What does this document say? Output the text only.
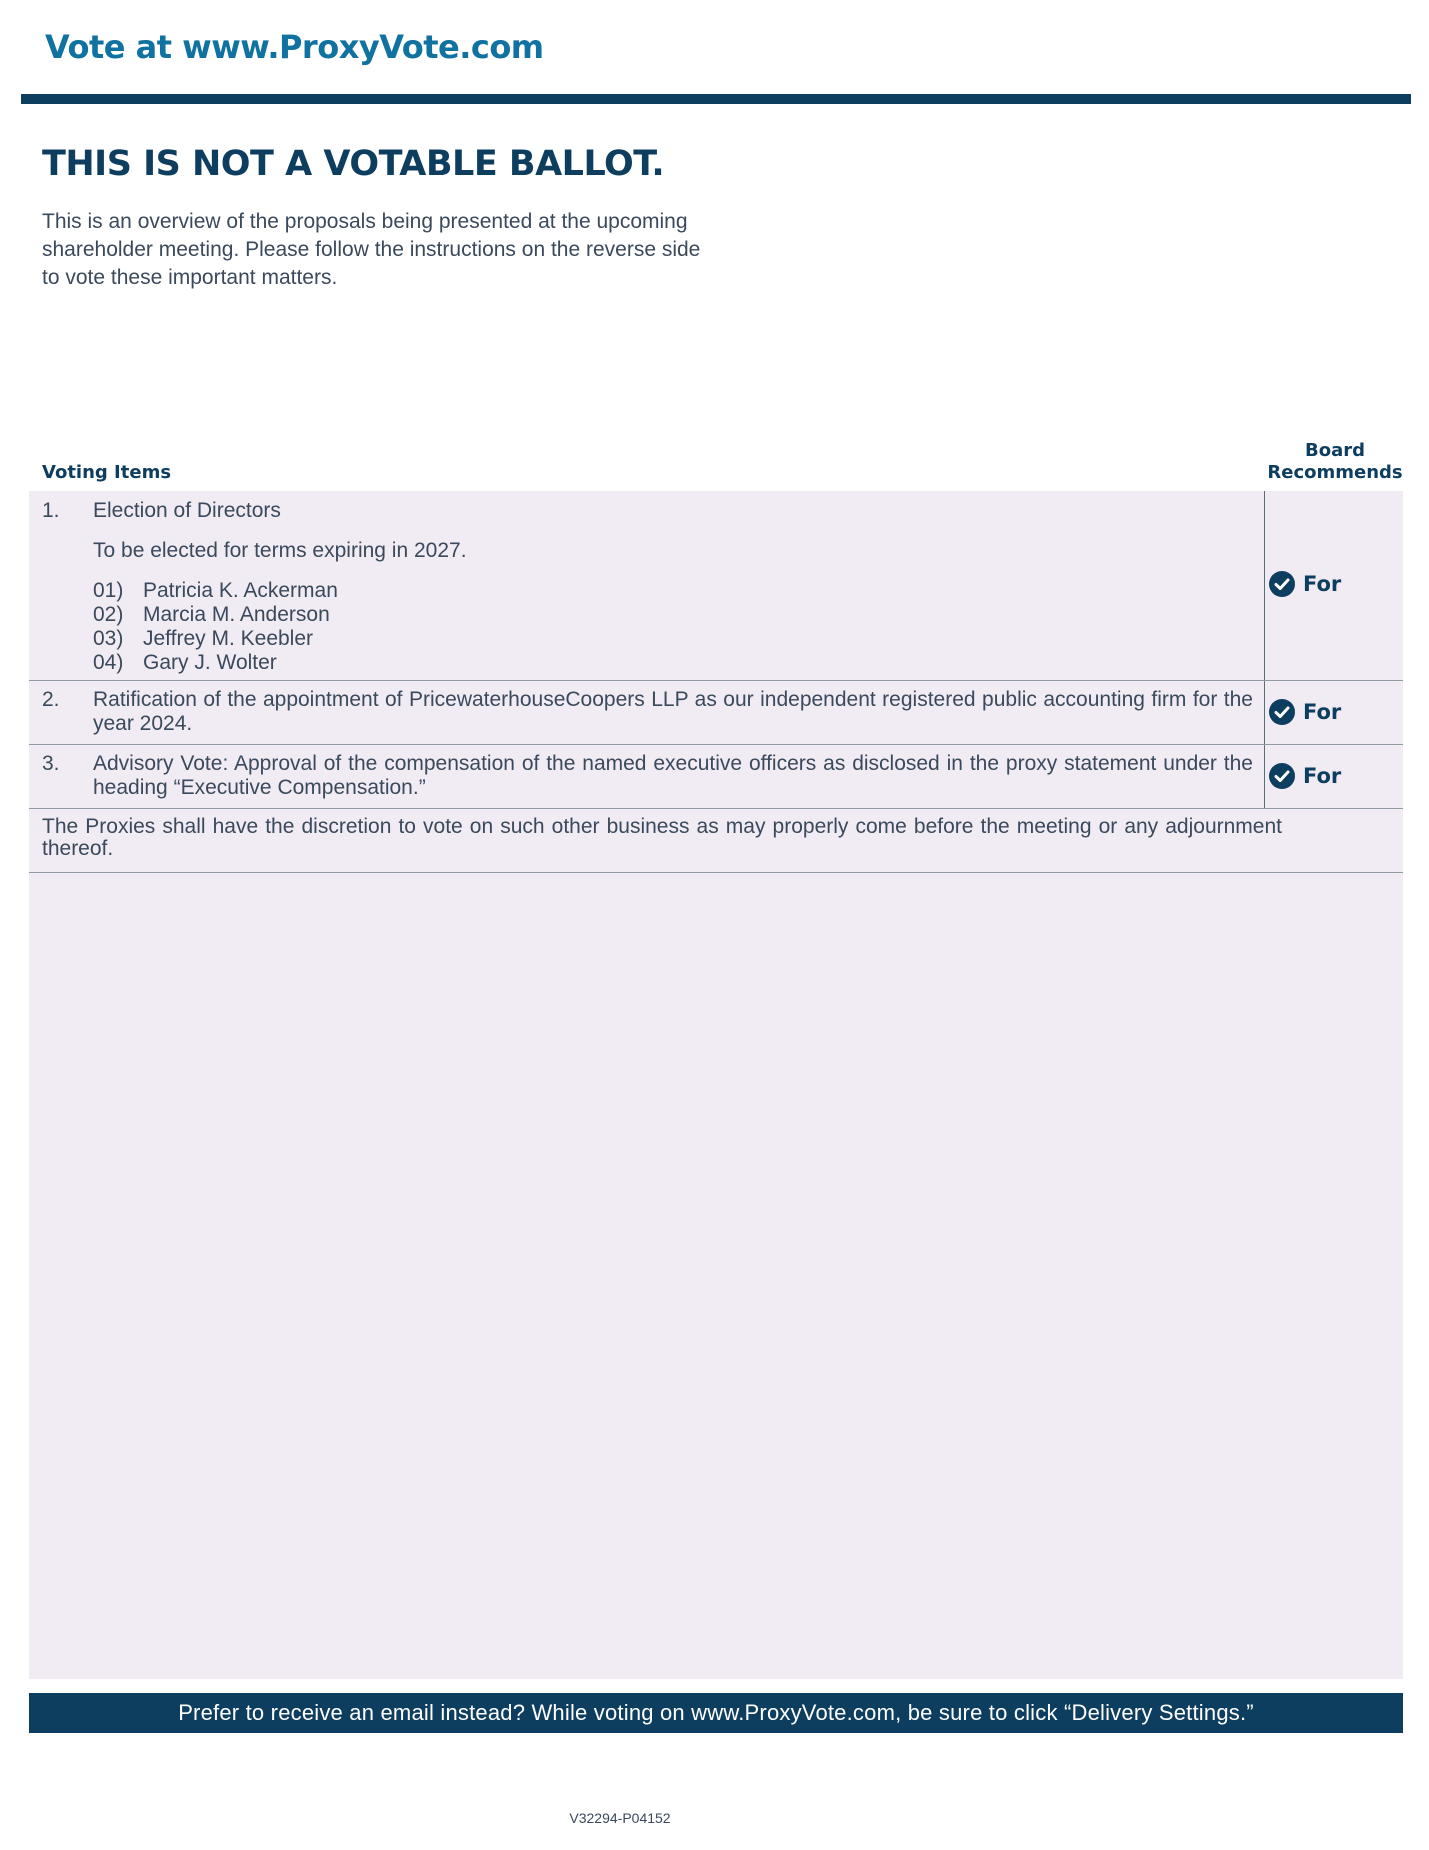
Vote at www.ProxyVote.com
THIS IS NOT A VOTABLE BALLOT.

This is an overview of the proposals being presented at the upcoming shareholder meeting. Please follow the instructions on the reverse side to vote these important matters.

Voting Items
Board
Recommends
1. Election of Directors
To be elected for terms expiring in 2027.
01) Patricia K. Ackerman
02) Marcia M. Anderson
03) Jeffrey M. Keebler
04) Gary J. Wolter
For
2. Ratification of the appointment of PricewaterhouseCoopers LLP as our independent registered public accounting firm for the year 2024.	For
3. Advisory Vote: Approval of the compensation of the named executive officers as disclosed in the proxy statement under the heading “Executive Compensation.”	For
The Proxies shall have the discretion to vote on such other business as may properly come before the meeting or any adjournment thereof.
Prefer to receive an email instead? While voting on www.ProxyVote.com, be sure to click “Delivery Settings.”
V32294-P04152
